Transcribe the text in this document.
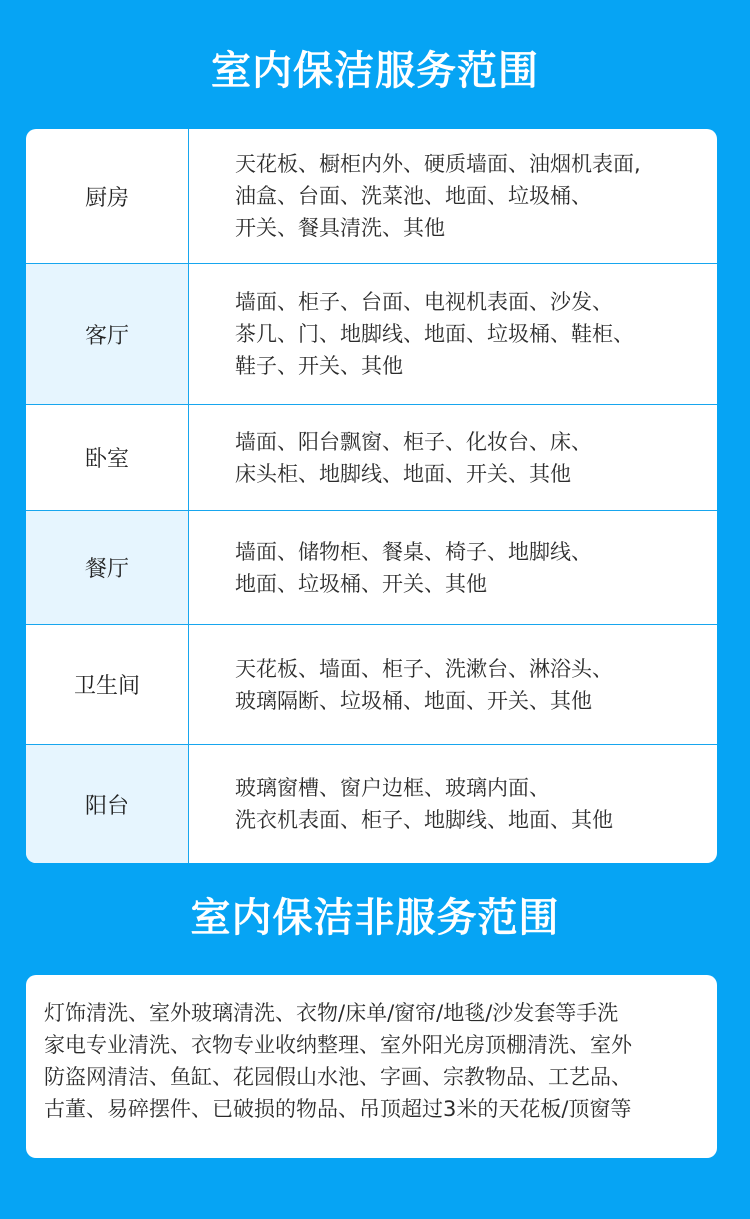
室内保洁服务范围
厨房
天花板、橱柜内外、硬质墙面、油烟机表面,
油盒、台面、洗菜池、地面、垃圾桶、
开关、餐具清洗、其他
客厅
墙面、柜子、台面、电视机表面、沙发、
茶几、门、地脚线、地面、垃圾桶、鞋柜、
鞋子、开关、其他
卧室
墙面、阳台飘窗、柜子、化妆台、床、
床头柜、地脚线、地面、开关、其他
餐厅
墙面、储物柜、餐桌、椅子、地脚线、
地面、垃圾桶、开关、其他
卫生间
天花板、墙面、柜子、洗漱台、淋浴头、
玻璃隔断、垃圾桶、地面、开关、其他
阳台
玻璃窗槽、窗户边框、玻璃内面、
洗衣机表面、柜子、地脚线、地面、其他
室内保洁非服务范围
灯饰清洗、室外玻璃清洗、衣物/床单/窗帘/地毯/沙发套等手洗
家电专业清洗、衣物专业收纳整理、室外阳光房顶棚清洗、室外
防盗网清洁、鱼缸、花园假山水池、字画、宗教物品、工艺品、
古董、易碎摆件、已破损的物品、吊顶超过3米的天花板/顶窗等
